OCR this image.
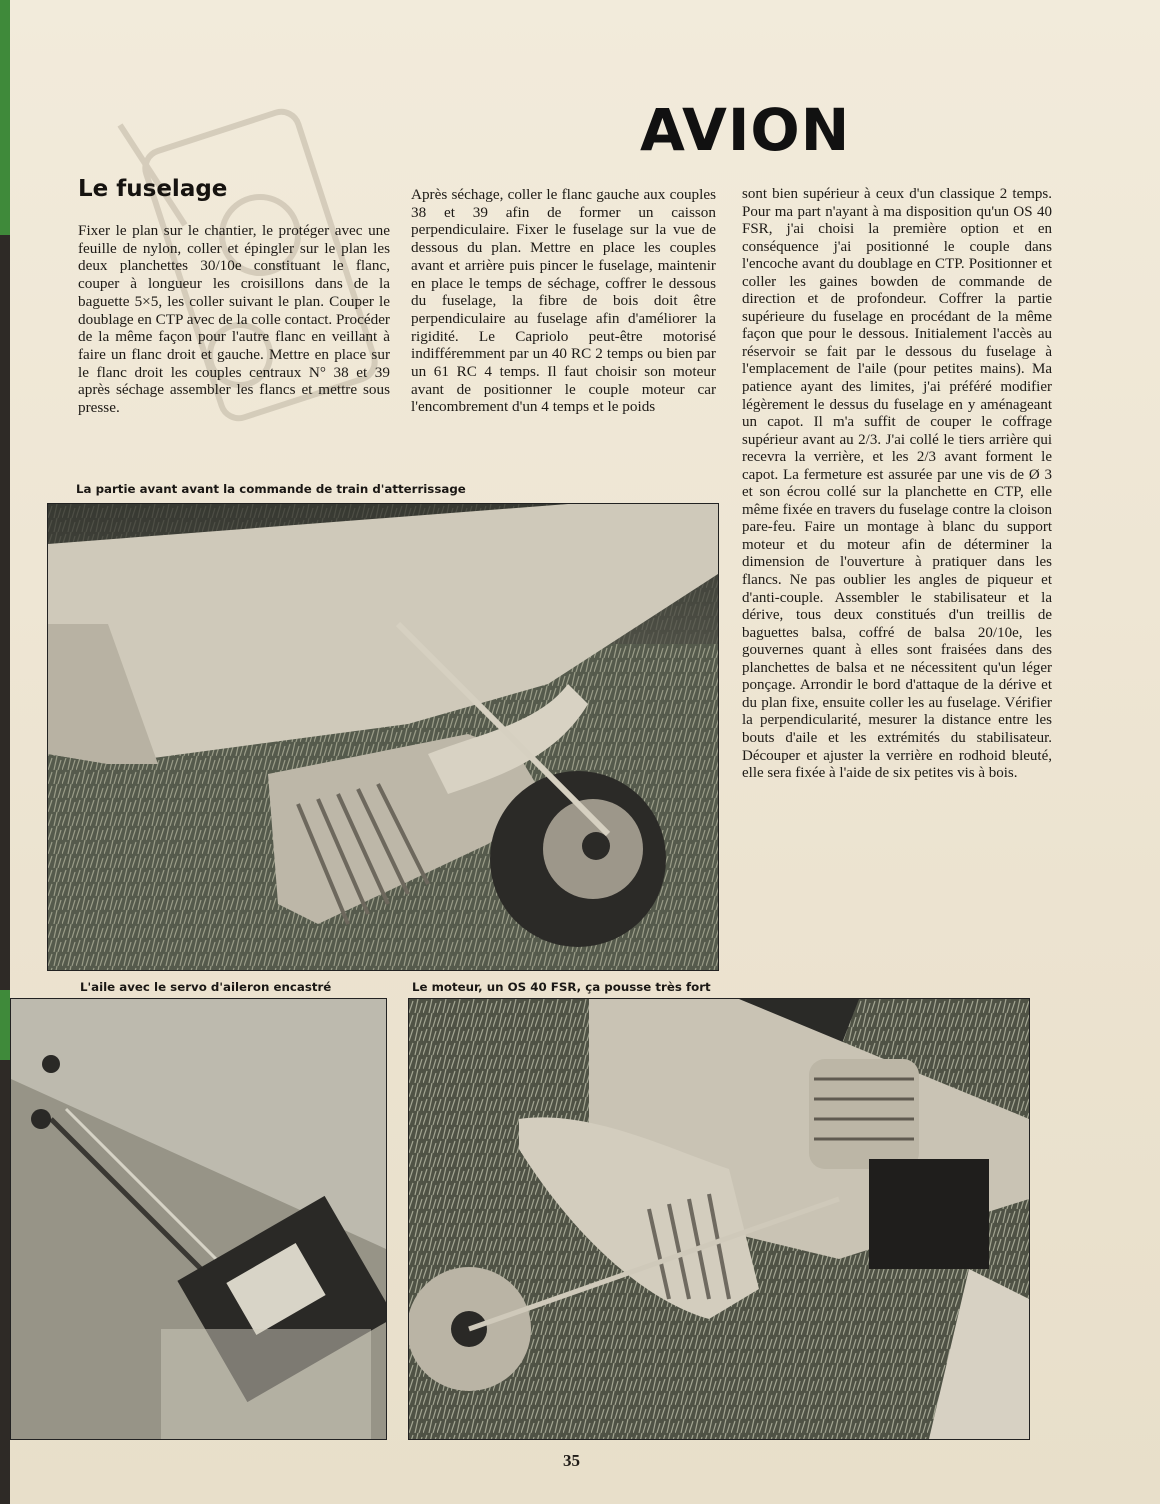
AVION
Le fuselage

Fixer le plan sur le chantier, le protéger avec une feuille de nylon, coller et épingler sur le plan les deux planchettes 30/10e constituant le flanc, couper à longueur les croisillons dans de la baguette 5×5, les coller suivant le plan. Couper le doublage en CTP avec de la colle contact. Procéder de la même façon pour l'autre flanc en veillant à faire un flanc droit et gauche. Mettre en place sur le flanc droit les couples centraux N° 38 et 39 après séchage assembler les flancs et mettre sous presse.

Après séchage, coller le flanc gauche aux couples 38 et 39 afin de former un caisson perpendiculaire. Fixer le fuselage sur la vue de dessous du plan. Mettre en place les couples avant et arrière puis pincer le fuselage, maintenir en place le temps de séchage, coffrer le dessous du fuselage, la fibre de bois doit être perpendiculaire au fuselage afin d'améliorer la rigidité. Le Capriolo peut-être motorisé indifféremment par un 40 RC 2 temps ou bien par un 61 RC 4 temps. Il faut choisir son moteur avant de positionner le couple moteur car l'encombrement d'un 4 temps et le poids

sont bien supérieur à ceux d'un classique 2 temps. Pour ma part n'ayant à ma disposition qu'un OS 40 FSR, j'ai choisi la première option et en conséquence j'ai positionné le couple dans l'encoche avant du doublage en CTP. Positionner et coller les gaines bowden de commande de direction et de profondeur. Coffrer la partie supérieure du fuselage en procédant de la même façon que pour le dessous. Initialement l'accès au réservoir se fait par le dessous du fuselage à l'emplacement de l'aile (pour petites mains). Ma patience ayant des limites, j'ai préféré modifier légèrement le dessus du fuselage en y aménageant un capot. Il m'a suffit de couper le coffrage supérieur avant au 2/3. J'ai collé le tiers arrière qui recevra la verrière, et les 2/3 avant forment le capot. La fermeture est assurée par une vis de Ø 3 et son écrou collé sur la planchette en CTP, elle même fixée en travers du fuselage contre la cloison pare-feu. Faire un montage à blanc du support moteur et du moteur afin de déterminer la dimension de l'ouverture à pratiquer dans les flancs. Ne pas oublier les angles de piqueur et d'anti-couple. Assembler le stabilisateur et la dérive, tous deux constitués d'un treillis de baguettes balsa, coffré de balsa 20/10e, les gouvernes quant à elles sont fraisées dans des planchettes de balsa et ne nécessitent qu'un léger ponçage. Arrondir le bord d'attaque de la dérive et du plan fixe, ensuite coller les au fuselage. Vérifier la perpendicularité, mesurer la distance entre les bouts d'aile et les extrémités du stabilisateur. Découper et ajuster la verrière en rodhoid bleuté, elle sera fixée à l'aide de six petites vis à bois.

La partie avant avant la commande de train d'atterrissage

L'aile avec le servo d'aileron encastré	Le moteur, un OS 40 FSR, ça pousse très fort

35
